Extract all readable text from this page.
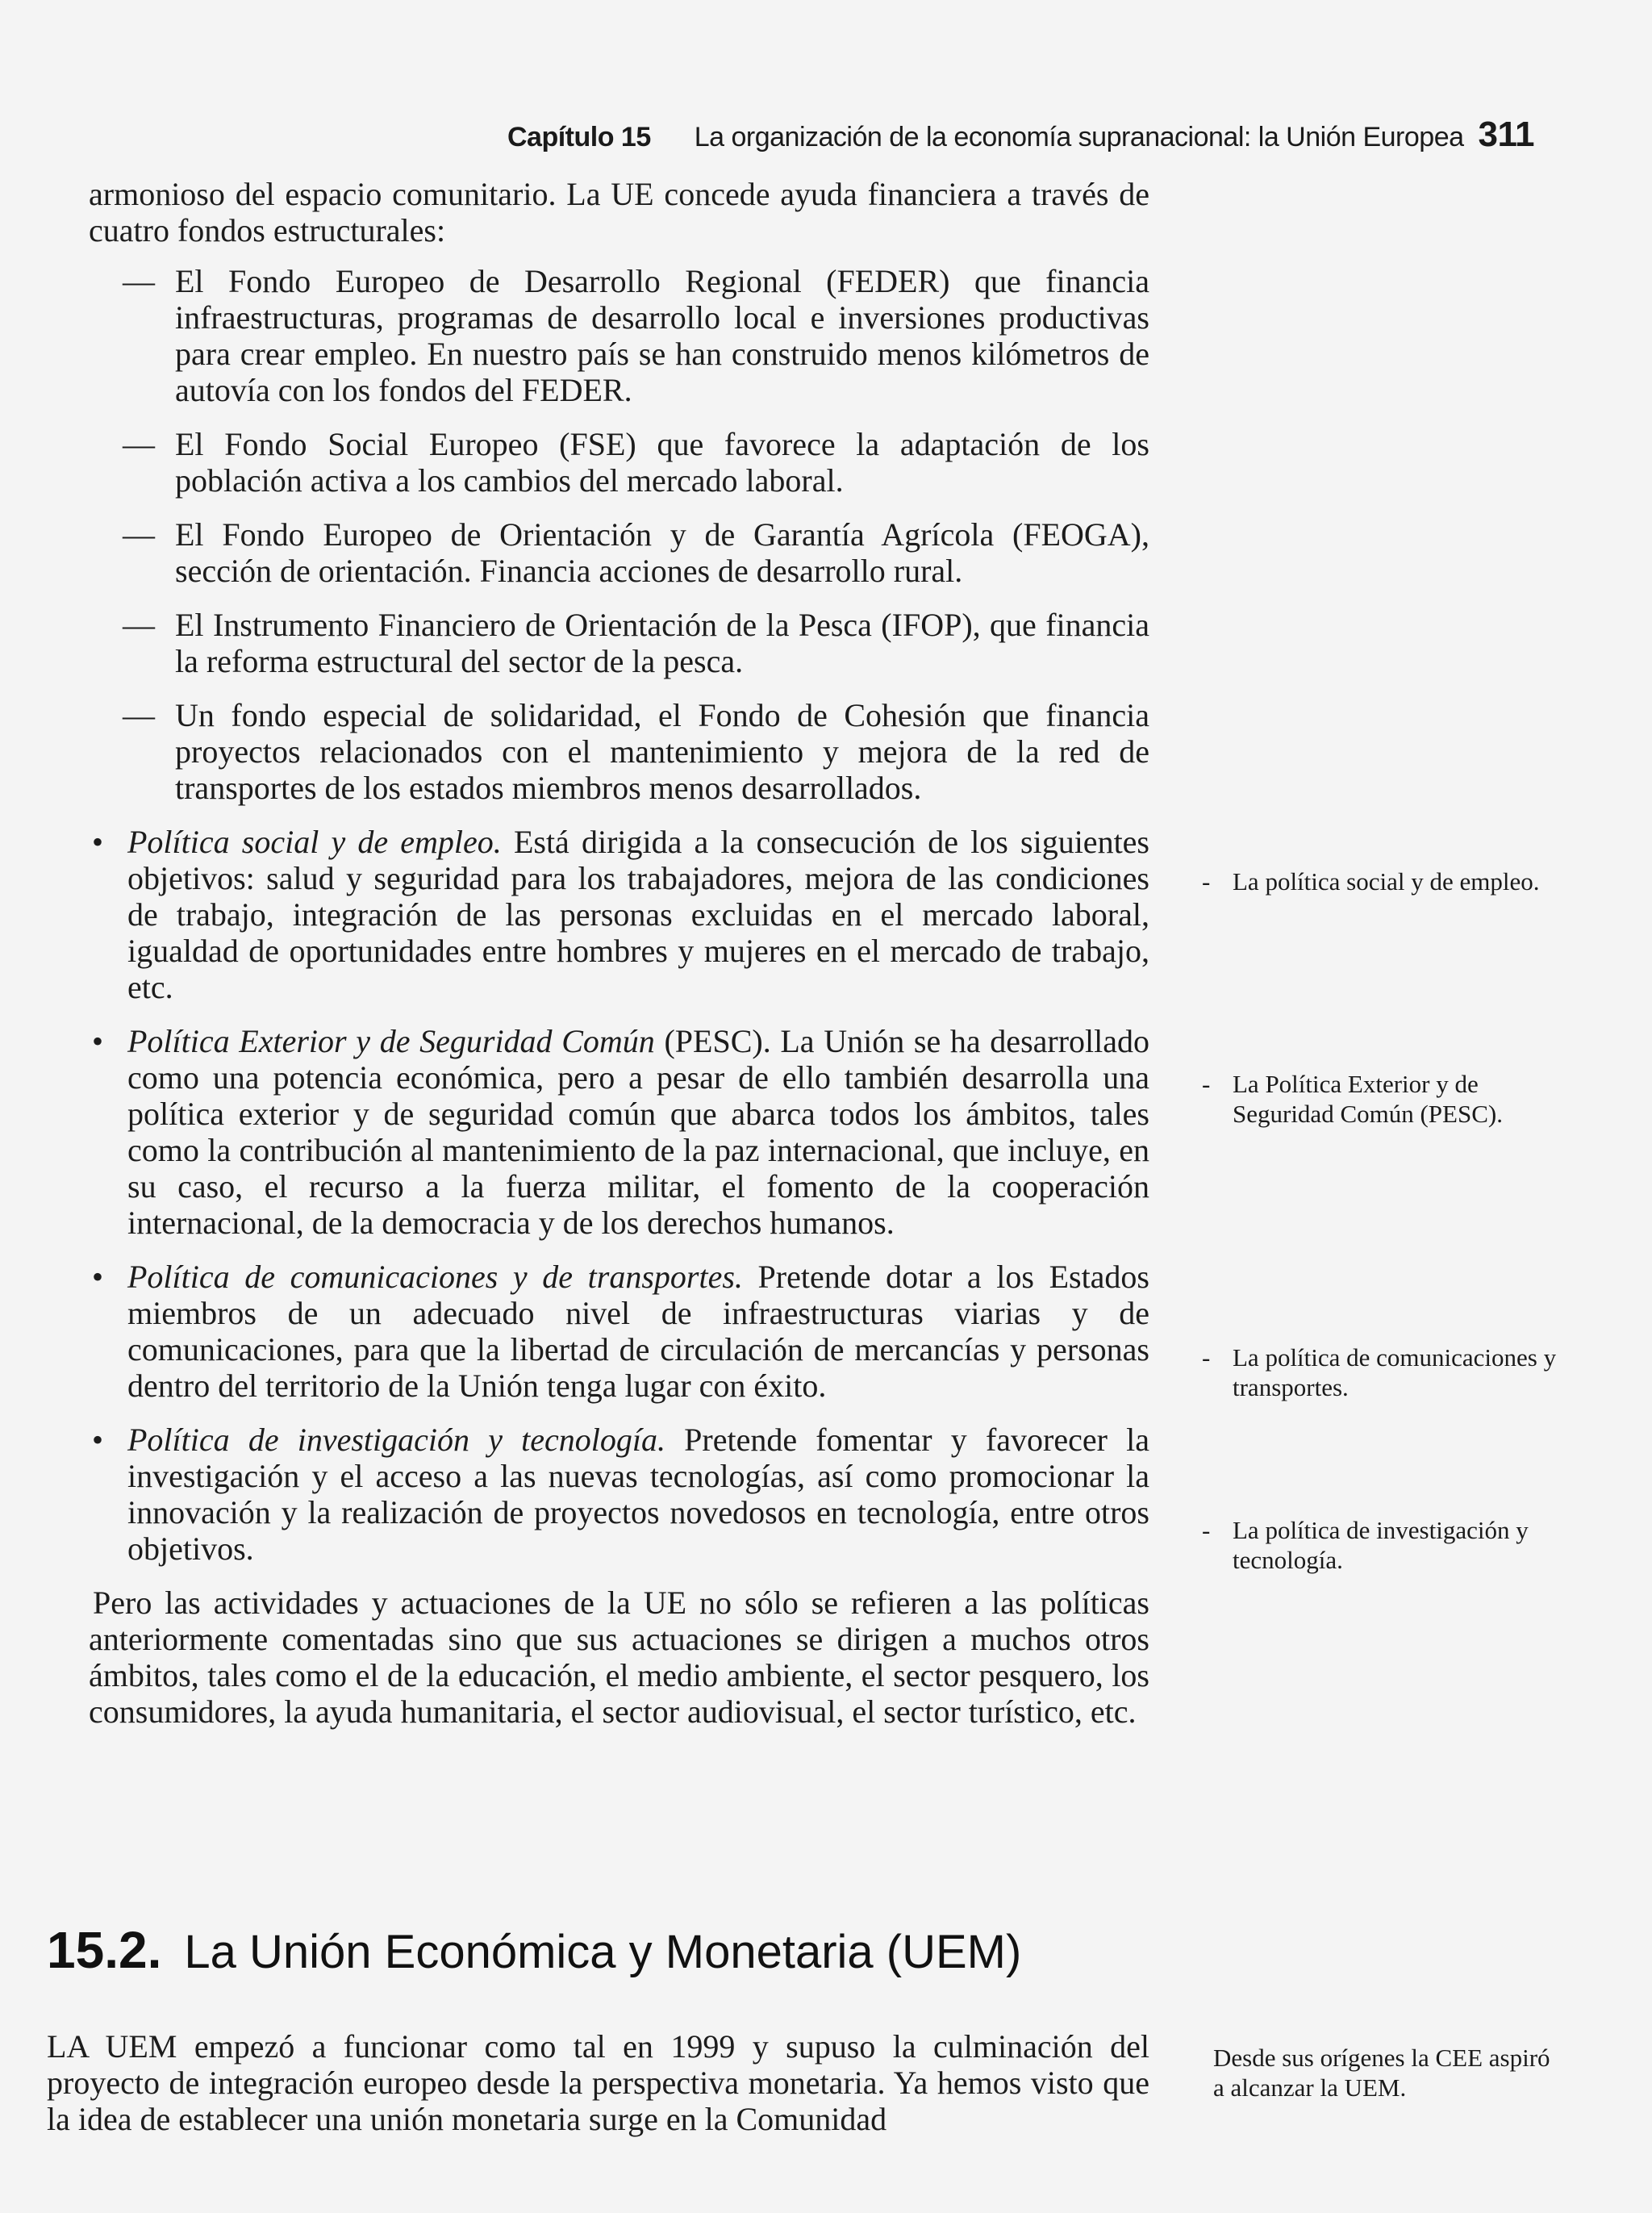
Capítulo 15 La organización de la economía supranacional: la Unión Europea 311

armonioso del espacio comunitario. La UE concede ayuda financiera a través de cuatro fondos estructurales:

— El Fondo Europeo de Desarrollo Regional (FEDER) que financia infraestructuras, programas de desarrollo local e inversiones productivas para crear empleo. En nuestro país se han construido menos kilómetros de autovía con los fondos del FEDER.
— El Fondo Social Europeo (FSE) que favorece la adaptación de los población activa a los cambios del mercado laboral.
— El Fondo Europeo de Orientación y de Garantía Agrícola (FEOGA), sección de orientación. Financia acciones de desarrollo rural.
— El Instrumento Financiero de Orientación de la Pesca (IFOP), que financia la reforma estructural del sector de la pesca.
— Un fondo especial de solidaridad, el Fondo de Cohesión que financia proyectos relacionados con el mantenimiento y mejora de la red de transportes de los estados miembros menos desarrollados.
• Política social y de empleo. Está dirigida a la consecución de los siguientes objetivos: salud y seguridad para los trabajadores, mejora de las condiciones de trabajo, integración de las personas excluidas en el mercado laboral, igualdad de oportunidades entre hombres y mujeres en el mercado de trabajo, etc.
• Política Exterior y de Seguridad Común (PESC). La Unión se ha desarrollado como una potencia económica, pero a pesar de ello también desarrolla una política exterior y de seguridad común que abarca todos los ámbitos, tales como la contribución al mantenimiento de la paz internacional, que incluye, en su caso, el recurso a la fuerza militar, el fomento de la cooperación internacional, de la democracia y de los derechos humanos.
• Política de comunicaciones y de transportes. Pretende dotar a los Estados miembros de un adecuado nivel de infraestructuras viarias y de comunicaciones, para que la libertad de circulación de mercancías y personas dentro del territorio de la Unión tenga lugar con éxito.
• Política de investigación y tecnología. Pretende fomentar y favorecer la investigación y el acceso a las nuevas tecnologías, así como promocionar la innovación y la realización de proyectos novedosos en tecnología, entre otros objetivos.

Pero las actividades y actuaciones de la UE no sólo se refieren a las políticas anteriormente comentadas sino que sus actuaciones se dirigen a muchos otros ámbitos, tales como el de la educación, el medio ambiente, el sector pesquero, los consumidores, la ayuda humanitaria, el sector audiovisual, el sector turístico, etc.

15.2. La Unión Económica y Monetaria (UEM)

LA UEM empezó a funcionar como tal en 1999 y supuso la culminación del proyecto de integración europeo desde la perspectiva monetaria. Ya hemos visto que la idea de establecer una unión monetaria surge en la Comunidad

- La política social y de empleo.
- La Política Exterior y de Seguridad Común (PESC).
- La política de comunicaciones y transportes.
- La política de investigación y tecnología.
Desde sus orígenes la CEE aspiró a alcanzar la UEM.
